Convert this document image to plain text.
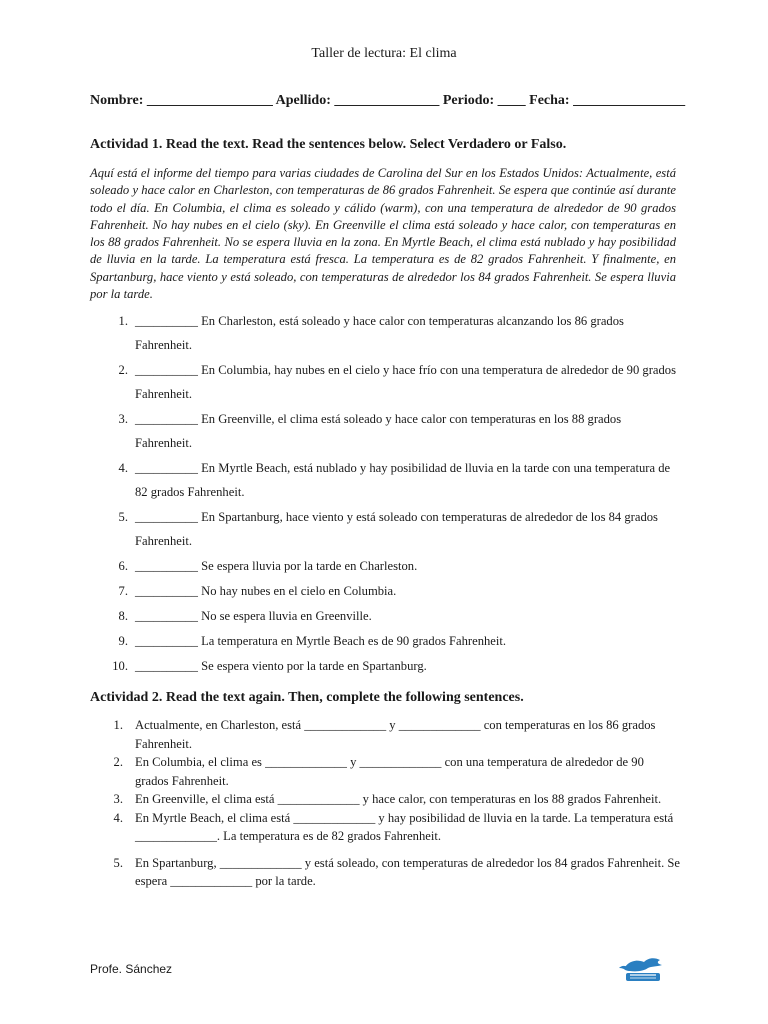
Taller de lectura: El clima
Nombre: __________________ Apellido: _______________ Periodo: ____ Fecha: ________________
Actividad 1. Read the text. Read the sentences below. Select Verdadero or Falso.
Aquí está el informe del tiempo para varias ciudades de Carolina del Sur en los Estados Unidos: Actualmente, está soleado y hace calor en Charleston, con temperaturas de 86 grados Fahrenheit. Se espera que continúe así durante todo el día. En Columbia, el clima es soleado y cálido (warm), con una temperatura de alrededor de 90 grados Fahrenheit. No hay nubes en el cielo (sky). En Greenville el clima está soleado y hace calor, con temperaturas en los 88 grados Fahrenheit. No se espera lluvia en la zona. En Myrtle Beach, el clima está nublado y hay posibilidad de lluvia en la tarde. La temperatura está fresca. La temperatura es de 82 grados Fahrenheit. Y finalmente, en Spartanburg, hace viento y está soleado, con temperaturas de alrededor los 84 grados Fahrenheit. Se espera lluvia por la tarde.
1. __________ En Charleston, está soleado y hace calor con temperaturas alcanzando los 86 grados Fahrenheit.
2. __________ En Columbia, hay nubes en el cielo y hace frío con una temperatura de alrededor de 90 grados Fahrenheit.
3. __________ En Greenville, el clima está soleado y hace calor con temperaturas en los 88 grados Fahrenheit.
4. __________ En Myrtle Beach, está nublado y hay posibilidad de lluvia en la tarde con una temperatura de 82 grados Fahrenheit.
5. __________ En Spartanburg, hace viento y está soleado con temperaturas de alrededor de los 84 grados Fahrenheit.
6. __________ Se espera lluvia por la tarde en Charleston.
7. __________ No hay nubes en el cielo en Columbia.
8. __________ No se espera lluvia en Greenville.
9. __________ La temperatura en Myrtle Beach es de 90 grados Fahrenheit.
10. __________ Se espera viento por la tarde en Spartanburg.
Actividad 2. Read the text again. Then, complete the following sentences.
1. Actualmente, en Charleston, está _____________ y _____________ con temperaturas en los 86 grados Fahrenheit.
2. En Columbia, el clima es _____________ y _____________ con una temperatura de alrededor de 90 grados Fahrenheit.
3. En Greenville, el clima está _____________ y hace calor, con temperaturas en los 88 grados Fahrenheit.
4. En Myrtle Beach, el clima está _____________ y hay posibilidad de lluvia en la tarde. La temperatura está _____________. La temperatura es de 82 grados Fahrenheit.
5. En Spartanburg, _____________ y está soleado, con temperaturas de alrededor los 84 grados Fahrenheit. Se espera _____________ por la tarde.
Profe. Sánchez
